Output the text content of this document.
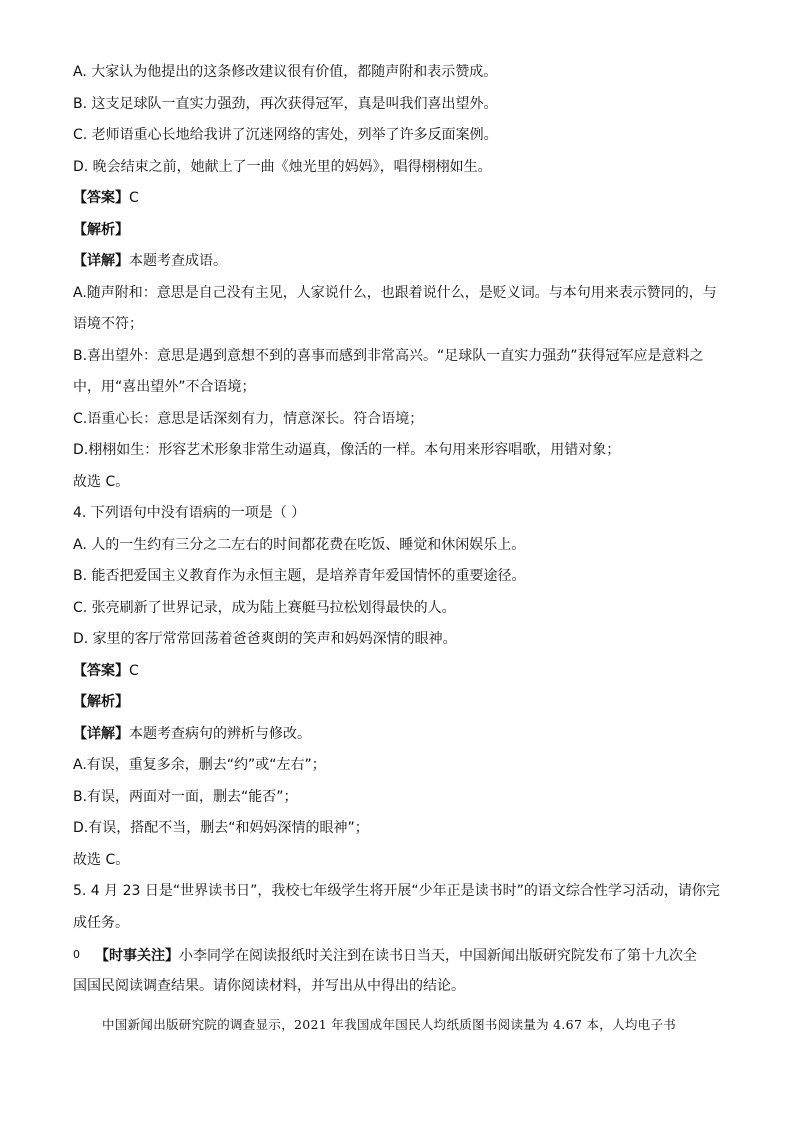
A. 大家认为他提出的这条修改建议很有价值，都随声附和表示赞成。
B. 这支足球队一直实力强劲，再次获得冠军，真是叫我们喜出望外。
C. 老师语重心长地给我讲了沉迷网络的害处，列举了许多反面案例。
D. 晚会结束之前，她献上了一曲《烛光里的妈妈》，唱得栩栩如生。
【答案】C
【解析】
【详解】本题考查成语。
A.随声附和：意思是自己没有主见，人家说什么，也跟着说什么，是贬义词。与本句用来表示赞同的，与
语境不符；
B.喜出望外：意思是遇到意想不到的喜事而感到非常高兴。“足球队一直实力强劲”获得冠军应是意料之
中，用“喜出望外”不合语境；
C.语重心长：意思是话深刻有力，情意深长。符合语境；
D.栩栩如生：形容艺术形象非常生动逼真，像活的一样。本句用来形容唱歌，用错对象；
故选 C。
4. 下列语句中没有语病的一项是（ ）
A. 人的一生约有三分之二左右的时间都花费在吃饭、睡觉和休闲娱乐上。
B. 能否把爱国主义教育作为永恒主题，是培养青年爱国情怀的重要途径。
C. 张亮刷新了世界记录，成为陆上赛艇马拉松划得最快的人。
D. 家里的客厅常常回荡着爸爸爽朗的笑声和妈妈深情的眼神。
【答案】C
【解析】
【详解】本题考查病句的辨析与修改。
A.有误，重复多余，删去“约”或“左右”；
B.有误，两面对一面，删去“能否”；
D.有误，搭配不当，删去“和妈妈深情的眼神”；
故选 C。
5. 4 月 23 日是“世界读书日”，我校七年级学生将开展“少年正是读书时”的语文综合性学习活动，请你完
成任务。
0 【时事关注】小李同学在阅读报纸时关注到在读书日当天，中国新闻出版研究院发布了第十九次全
国国民阅读调查结果。请你阅读材料，并写出从中得出的结论。
中国新闻出版研究院的调查显示，2021 年我国成年国民人均纸质图书阅读量为 4.67 本，人均电子书
